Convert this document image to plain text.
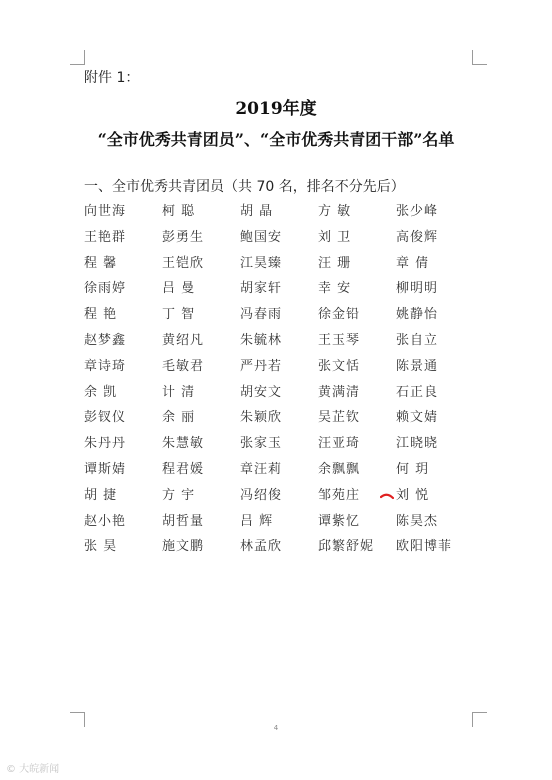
附件 1：
2019年度
“全市优秀共青团员”、“全市优秀共青团干部”名单
一、全市优秀共青团员（共 70 名，排名不分先后）
向世海	柯 聪	胡 晶	方 敏	张少峰
王艳群	彭勇生	鲍国安	刘 卫	高俊辉
程 馨	王铠欣	江昊臻	汪 珊	章 倩
徐雨婷	吕 曼	胡家轩	幸 安	柳明明
程 艳	丁 智	冯春雨	徐金铅	姚静怡
赵梦鑫	黄绍凡	朱毓林	王玉琴	张自立
章诗琦	毛敏君	严丹若	张文恬	陈景通
余 凯	计 清	胡安文	黄满清	石正良
彭钗仪	余 丽	朱颖欣	吴芷钦	赖文婧
朱丹丹	朱慧敏	张家玉	汪亚琦	江晓晓
谭斯婧	程君媛	章汪莉	余飘飘	何 玥
胡 捷	方 宇	冯绍俊	邹苑庄	刘 悦
赵小艳	胡哲量	吕 辉	谭紫忆	陈昊杰
张 昊	施文鹏	林孟欣	邱繁舒妮	欧阳博菲
4
© 大皖新闻
